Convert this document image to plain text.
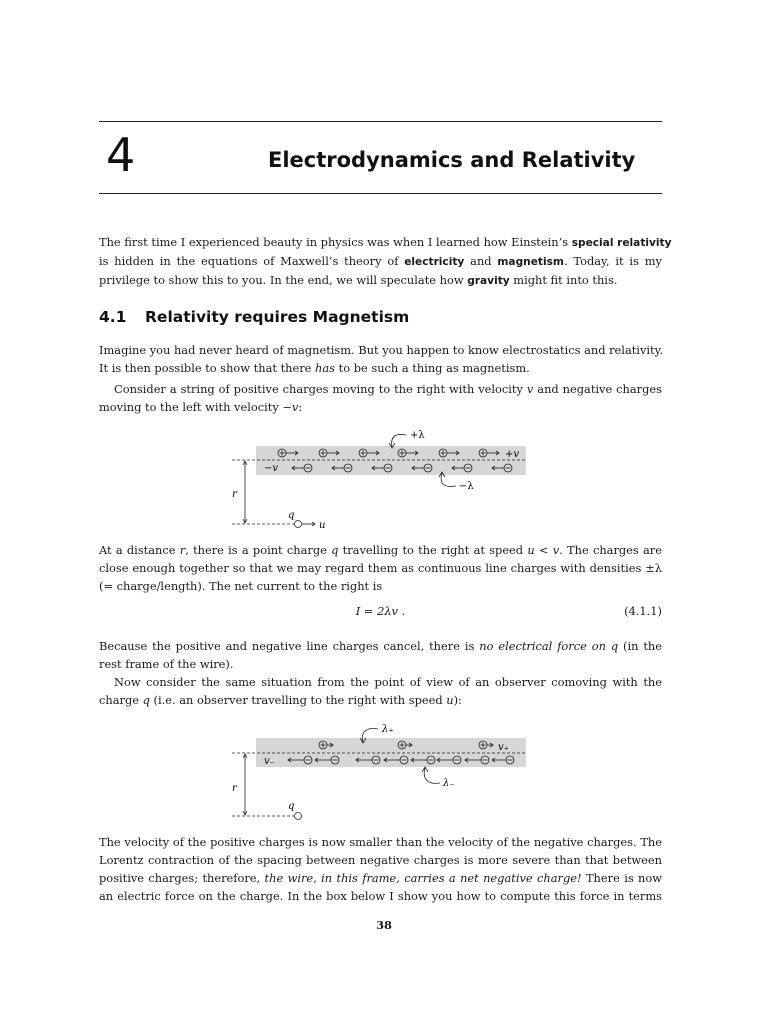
4	Electrodynamics and Relativity
The first time I experienced beauty in physics was when I learned how Einstein’s special relativity
is hidden in the equations of Maxwell’s theory of electricity and magnetism. Today, it is my
privilege to show this to you. In the end, we will speculate how gravity might fit into this.
4.1 Relativity requires Magnetism
Imagine you had never heard of magnetism. But you happen to know electrostatics and relativity.
It is then possible to show that there has to be such a thing as magnetism.
Consider a string of positive charges moving to the right with velocity v and negative charges
moving to the left with velocity −v:
+v
−v
+λ
−λ
r
q
u
At a distance r, there is a point charge q travelling to the right at speed u < v. The charges are
close enough together so that we may regard them as continuous line charges with densities ±λ
(= charge/length). The net current to the right is
I = 2λv .	(4.1.1)
Because the positive and negative line charges cancel, there is no electrical force on q (in the
rest frame of the wire).
Now consider the same situation from the point of view of an observer comoving with the
charge q (i.e. an observer travelling to the right with speed u):
v₊
v₋
λ₊
λ₋
r
q
The velocity of the positive charges is now smaller than the velocity of the negative charges. The
Lorentz contraction of the spacing between negative charges is more severe than that between
positive charges; therefore, the wire, in this frame, carries a net negative charge! There is now
an electric force on the charge. In the box below I show you how to compute this force in terms
38
